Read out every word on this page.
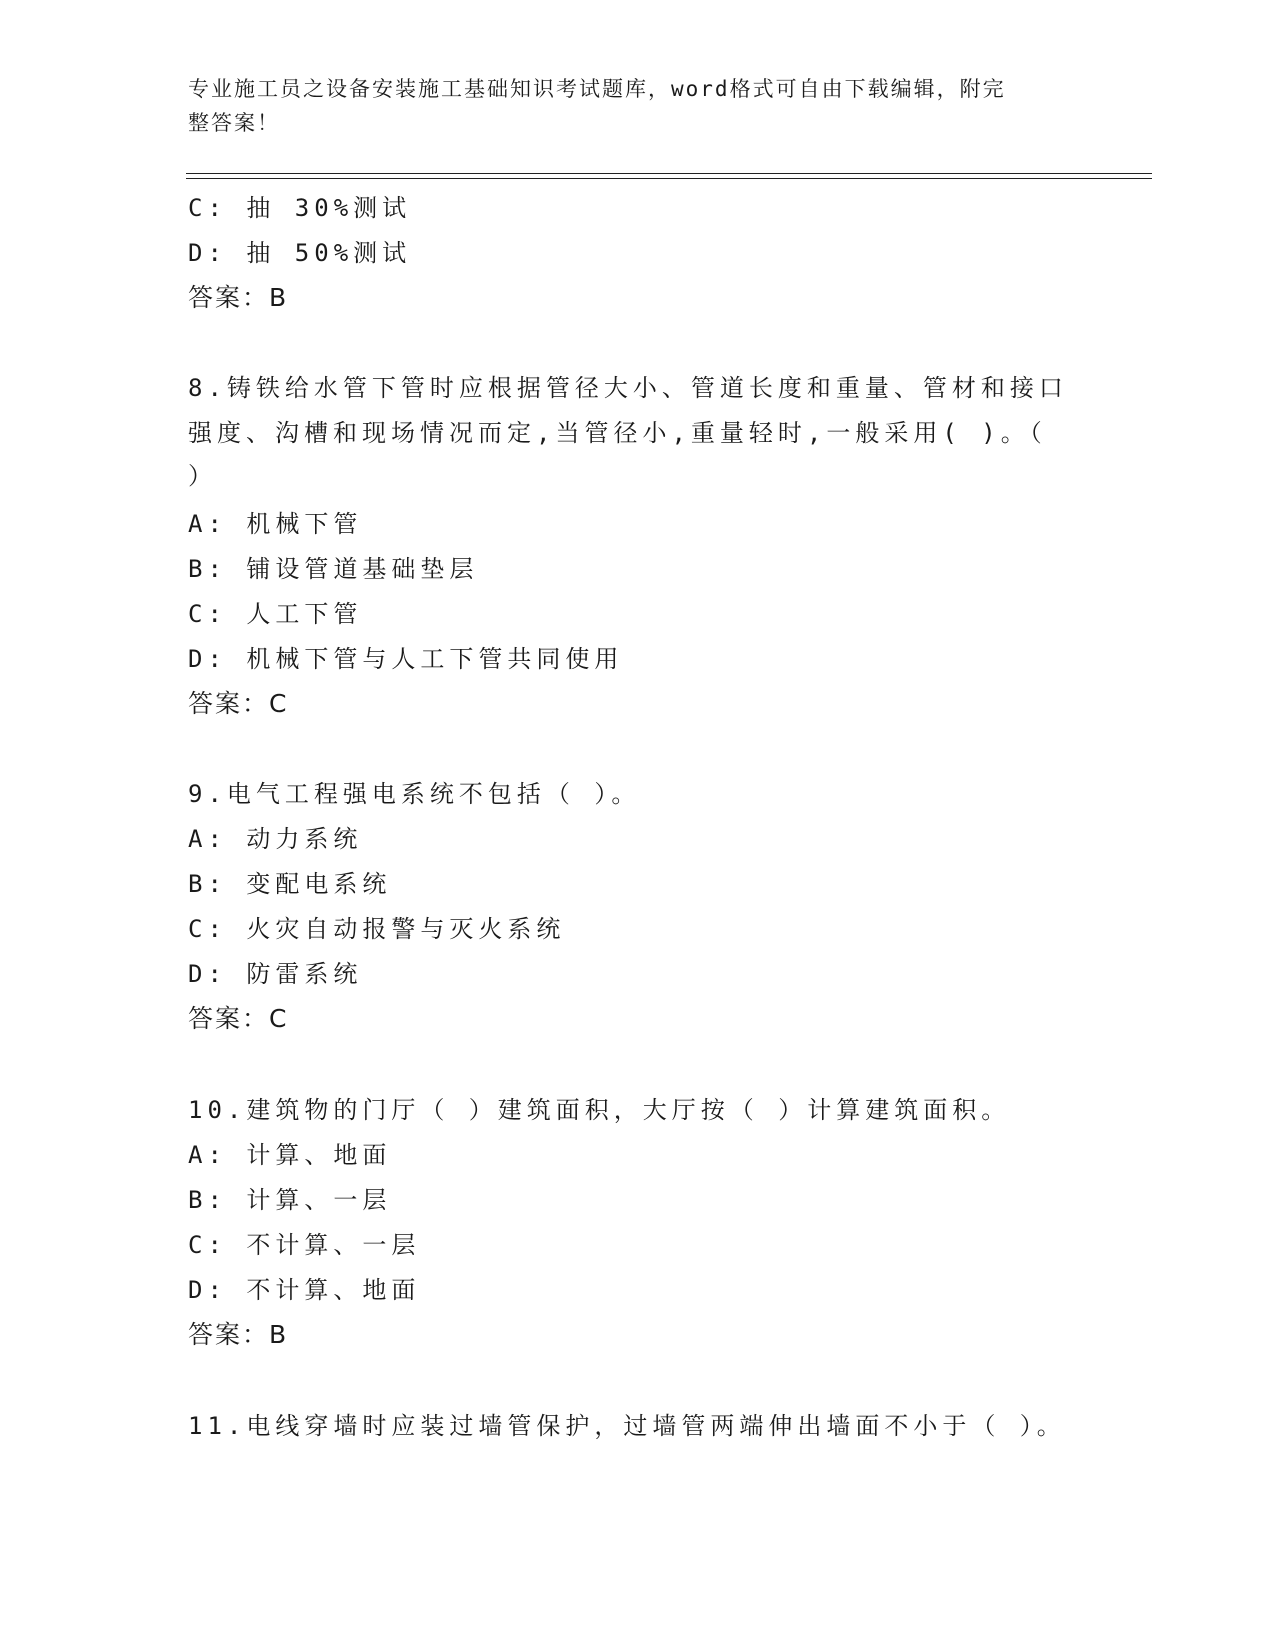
专业施工员之设备安装施工基础知识考试题库，word格式可自由下载编辑，附完
整答案！
C: 抽 30%测试
D: 抽 50%测试
答案：B
8.铸铁给水管下管时应根据管径大小、管道长度和重量、管材和接口
强度、沟槽和现场情况而定,当管径小,重量轻时,一般采用( )。（
）
A: 机械下管
B: 铺设管道基础垫层
C: 人工下管
D: 机械下管与人工下管共同使用
答案：C
9.电气工程强电系统不包括（ ）。
A: 动力系统
B: 变配电系统
C: 火灾自动报警与灭火系统
D: 防雷系统
答案：C
10.建筑物的门厅（ ）建筑面积，大厅按（ ）计算建筑面积。
A: 计算、地面
B: 计算、一层
C: 不计算、一层
D: 不计算、地面
答案：B
11.电线穿墙时应装过墙管保护，过墙管两端伸出墙面不小于（ ）。
